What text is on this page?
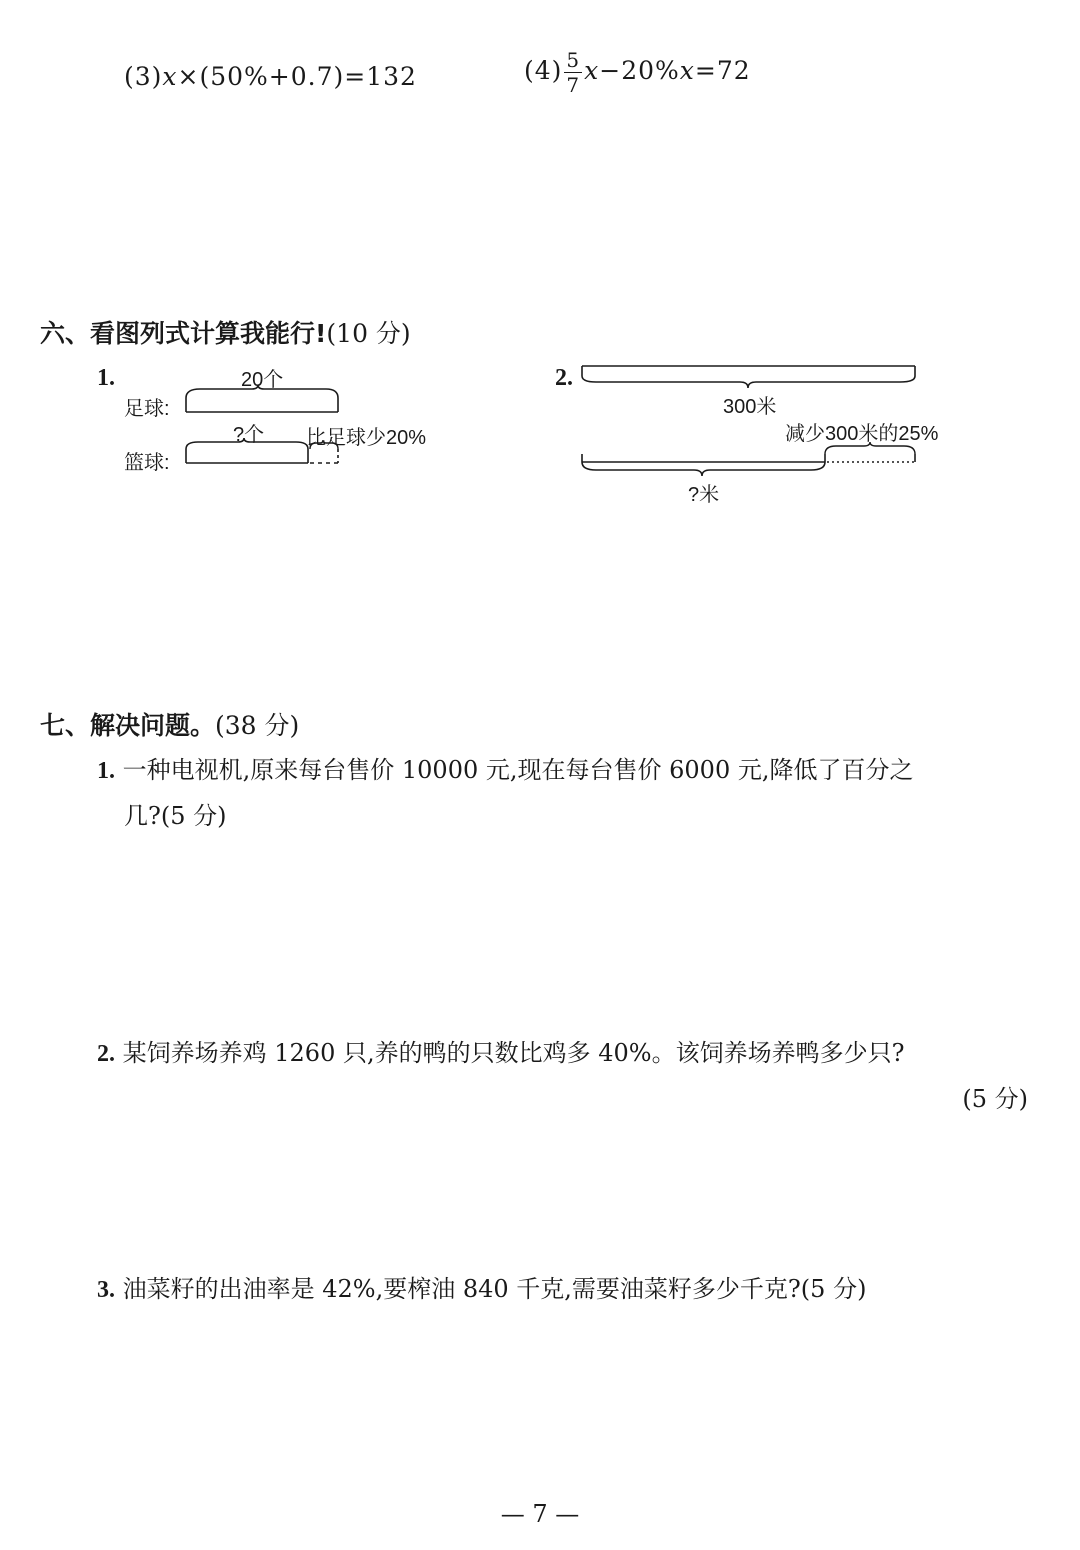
(3)x×(50%+0.7)=132	$(4) \frac{5}{7} x-20\%x=72$
六、看图列式计算我能行!(10 分)
1.	20个
足球:
?个 比足球少20%
篮球:
2.
300米
减少300米的25%
?米
七、解决问题。(38 分)
1. 一种电视机,原来每台售价 10000 元,现在每台售价 6000 元,降低了百分之
几?(5 分)
2. 某饲养场养鸡 1260 只,养的鸭的只数比鸡多 40%。该饲养场养鸭多少只?
(5 分)
3. 油菜籽的出油率是 42%,要榨油 840 千克,需要油菜籽多少千克?(5 分)
— 7 —
